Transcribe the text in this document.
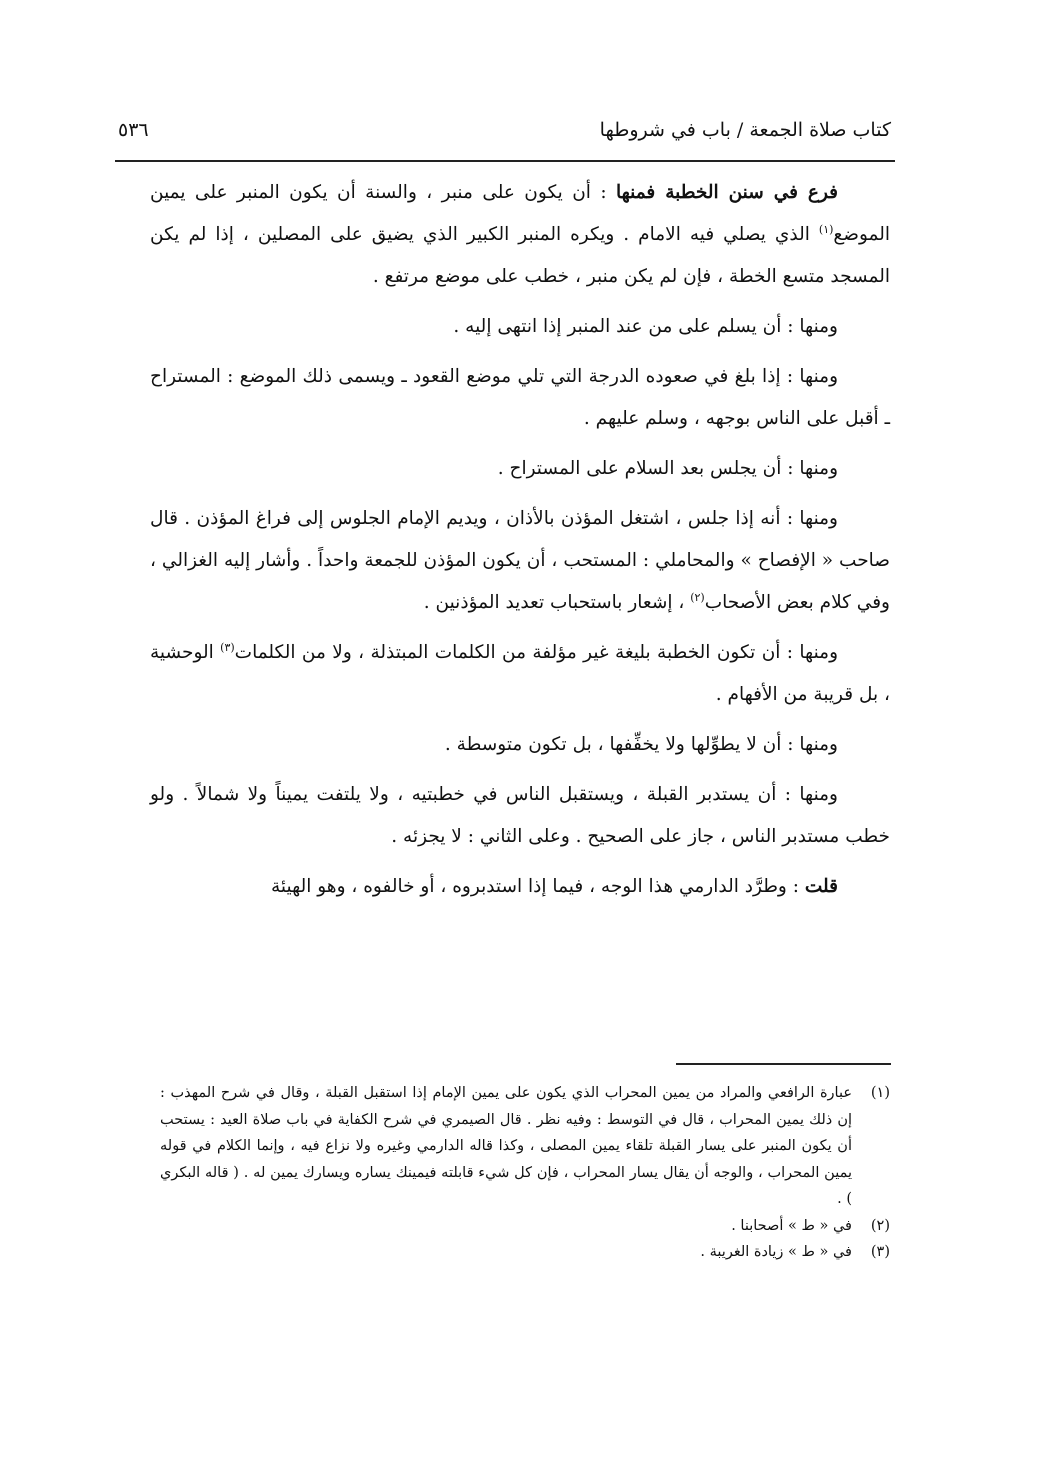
كتاب صلاة الجمعة / باب في شروطها
٥٣٦

فرع في سنن الخطبة فمنها : أن يكون على منبر ، والسنة أن يكون المنبر على يمين الموضع$^{(١)}$ الذي يصلي فيه الامام . ويكره المنبر الكبير الذي يضيق على المصلين ، إذا لم يكن المسجد متسع الخطة ، فإن لم يكن منبر ، خطب على موضع مرتفع .

ومنها : أن يسلم على من عند المنبر إذا انتهى إليه .

ومنها : إذا بلغ في صعوده الدرجة التي تلي موضع القعود ـ ويسمى ذلك الموضع : المستراح ـ أقبل على الناس بوجهه ، وسلم عليهم .

ومنها : أن يجلس بعد السلام على المستراح .

ومنها : أنه إذا جلس ، اشتغل المؤذن بالأذان ، ويديم الإمام الجلوس إلى فراغ المؤذن . قال صاحب « الإفصاح » والمحاملي : المستحب ، أن يكون المؤذن للجمعة واحداً . وأشار إليه الغزالي ، وفي كلام بعض الأصحاب$^{(٢)}$ ، إشعار باستحباب تعديد المؤذنين .

ومنها : أن تكون الخطبة بليغة غير مؤلفة من الكلمات المبتذلة ، ولا من الكلمات$^{(٣)}$ الوحشية ، بل قريبة من الأفهام .

ومنها : أن لا يطوِّلها ولا يخفِّفها ، بل تكون متوسطة .

ومنها : أن يستدبر القبلة ، ويستقبل الناس في خطبتيه ، ولا يلتفت يميناً ولا شمالاً . ولو خطب مستدبر الناس ، جاز على الصحيح . وعلى الثاني : لا يجزئه .

قلت : وطرَّد الدارمي هذا الوجه ، فيما إذا استدبروه ، أو خالفوه ، وهو الهيئة

(١)عبارة الرافعي والمراد من يمين المحراب الذي يكون على يمين الإمام إذا استقبل القبلة ، وقال في شرح المهذب : إن ذلك يمين المحراب ، قال في التوسط : وفيه نظر . قال الصيمري في شرح الكفاية في باب صلاة العيد : يستحب أن يكون المنبر على يسار القبلة تلقاء يمين المصلى ، وكذا قاله الدارمي وغيره ولا نزاع فيه ، وإنما الكلام في قوله يمين المحراب ، والوجه أن يقال يسار المحراب ، فإن كل شيء قابلته فيمينك يساره ويسارك يمين له . ( قاله البكري ) .

(٢)في « ط » أصحابنا .

(٣)في « ط » زيادة الغريبة .
